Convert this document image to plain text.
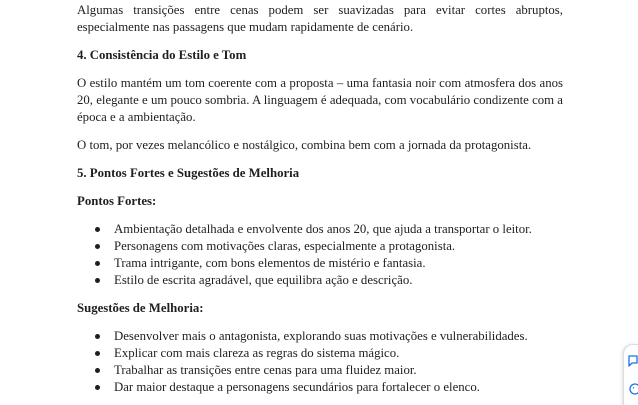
Algumas transições entre cenas podem ser suavizadas para evitar cortes abruptos, especialmente nas passagens que mudam rapidamente de cenário.

4. Consistência do Estilo e Tom

O estilo mantém um tom coerente com a proposta – uma fantasia noir com atmosfera dos anos 20, elegante e um pouco sombria. A linguagem é adequada, com vocabulário condizente com a época e a ambientação.

O tom, por vezes melancólico e nostálgico, combina bem com a jornada da protagonista.

5. Pontos Fortes e Sugestões de Melhoria

Pontos Fortes:

Ambientação detalhada e envolvente dos anos 20, que ajuda a transportar o leitor.
Personagens com motivações claras, especialmente a protagonista.
Trama intrigante, com bons elementos de mistério e fantasia.
Estilo de escrita agradável, que equilibra ação e descrição.

Sugestões de Melhoria:

Desenvolver mais o antagonista, explorando suas motivações e vulnerabilidades.
Explicar com mais clareza as regras do sistema mágico.
Trabalhar as transições entre cenas para uma fluidez maior.
Dar maior destaque a personagens secundários para fortalecer o elenco.
